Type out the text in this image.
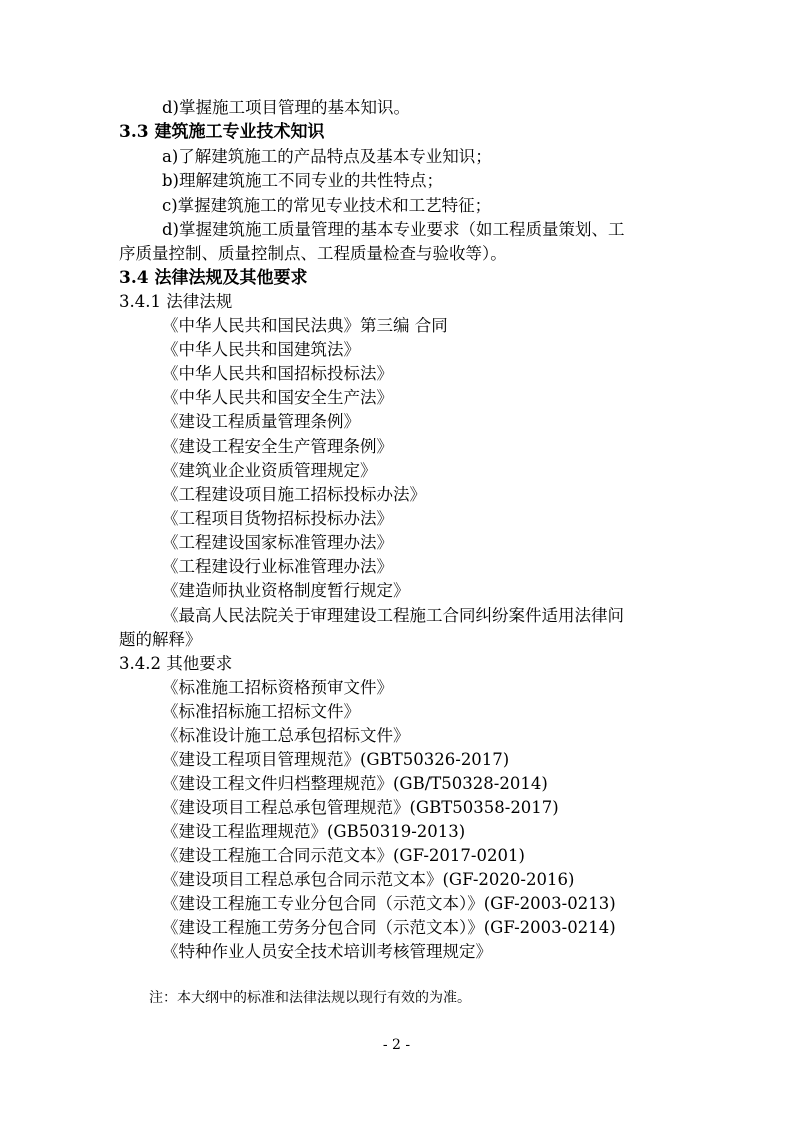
d)掌握施工项目管理的基本知识。
3.3 建筑施工专业技术知识
a)了解建筑施工的产品特点及基本专业知识；
b)理解建筑施工不同专业的共性特点；
c)掌握建筑施工的常见专业技术和工艺特征；
d)掌握建筑施工质量管理的基本专业要求（如工程质量策划、工
序质量控制、质量控制点、工程质量检查与验收等）。
3.4 法律法规及其他要求
3.4.1 法律法规
《中华人民共和国民法典》第三编 合同
《中华人民共和国建筑法》
《中华人民共和国招标投标法》
《中华人民共和国安全生产法》
《建设工程质量管理条例》
《建设工程安全生产管理条例》
《建筑业企业资质管理规定》
《工程建设项目施工招标投标办法》
《工程项目货物招标投标办法》
《工程建设国家标准管理办法》
《工程建设行业标准管理办法》
《建造师执业资格制度暂行规定》
《最高人民法院关于审理建设工程施工合同纠纷案件适用法律问
题的解释》
3.4.2 其他要求
《标准施工招标资格预审文件》
《标准招标施工招标文件》
《标准设计施工总承包招标文件》
《建设工程项目管理规范》(GBT50326-2017)
《建设工程文件归档整理规范》(GB/T50328-2014)
《建设项目工程总承包管理规范》(GBT50358-2017)
《建设工程监理规范》(GB50319-2013)
《建设工程施工合同示范文本》(GF-2017-0201)
《建设项目工程总承包合同示范文本》(GF-2020-2016)
《建设工程施工专业分包合同（示范文本）》(GF-2003-0213)
《建设工程施工劳务分包合同（示范文本）》(GF-2003-0214)
《特种作业人员安全技术培训考核管理规定》
注：本大纲中的标准和法律法规以现行有效的为准。
- 2 -
